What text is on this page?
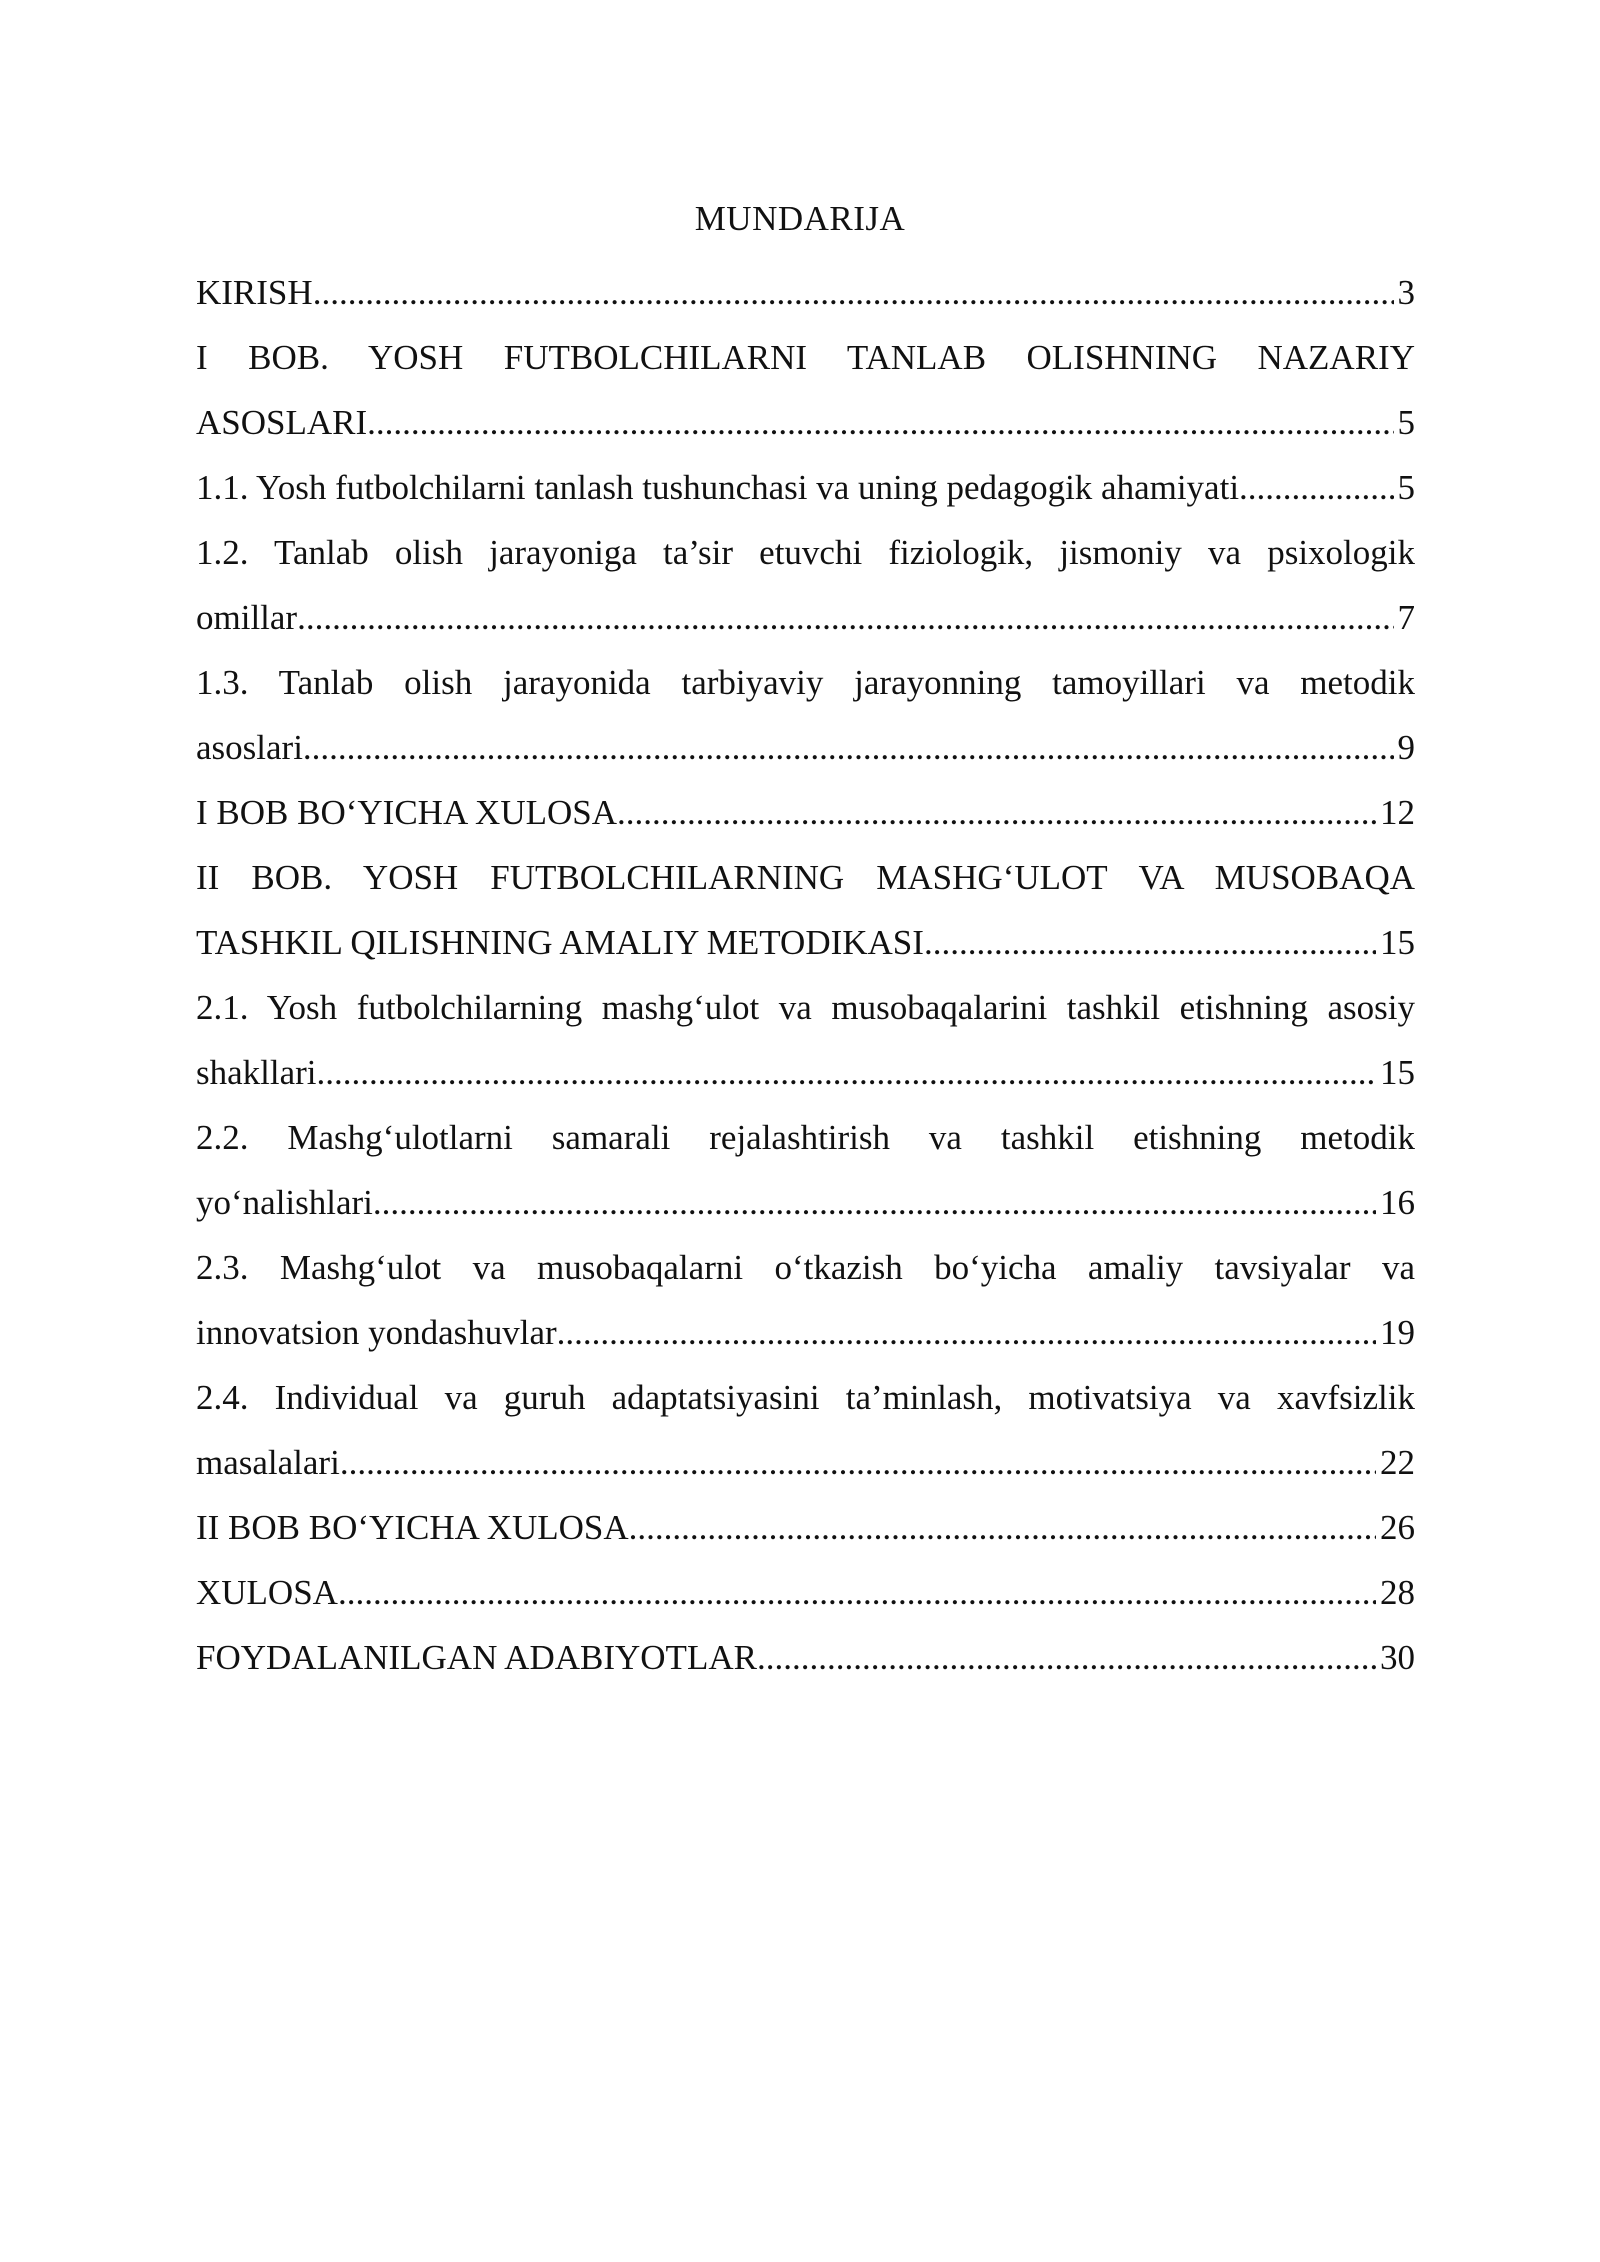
MUNDARIJA
KIRISH .....	3
I BOB. YOSH FUTBOLCHILARNI TANLAB OLISHNING NAZARIY
ASOSLARI .....	5
1.1. Yosh futbolchilarni tanlash tushunchasi va uning pedagogik ahamiyati .....	5
1.2. Tanlab olish jarayoniga ta’sir etuvchi fiziologik, jismoniy va psixologik
omillar .....	7
1.3. Tanlab olish jarayonida tarbiyaviy jarayonning tamoyillari va metodik
asoslari .....	9
I BOB BO‘YICHA XULOSA .....	12
II BOB. YOSH FUTBOLCHILARNING MASHG‘ULOT VA MUSOBAQA
TASHKIL QILISHNING AMALIY METODIKASI .....	15
2.1. Yosh futbolchilarning mashg‘ulot va musobaqalarini tashkil etishning asosiy
shakllari .....	15
2.2. Mashg‘ulotlarni samarali rejalashtirish va tashkil etishning metodik
yo‘nalishlari .....	16
2.3. Mashg‘ulot va musobaqalarni o‘tkazish bo‘yicha amaliy tavsiyalar va
innovatsion yondashuvlar .....	19
2.4. Individual va guruh adaptatsiyasini ta’minlash, motivatsiya va xavfsizlik
masalalari .....	22
II BOB BO‘YICHA XULOSA .....	26
XULOSA .....	28
FOYDALANILGAN ADABIYOTLAR .....	30
